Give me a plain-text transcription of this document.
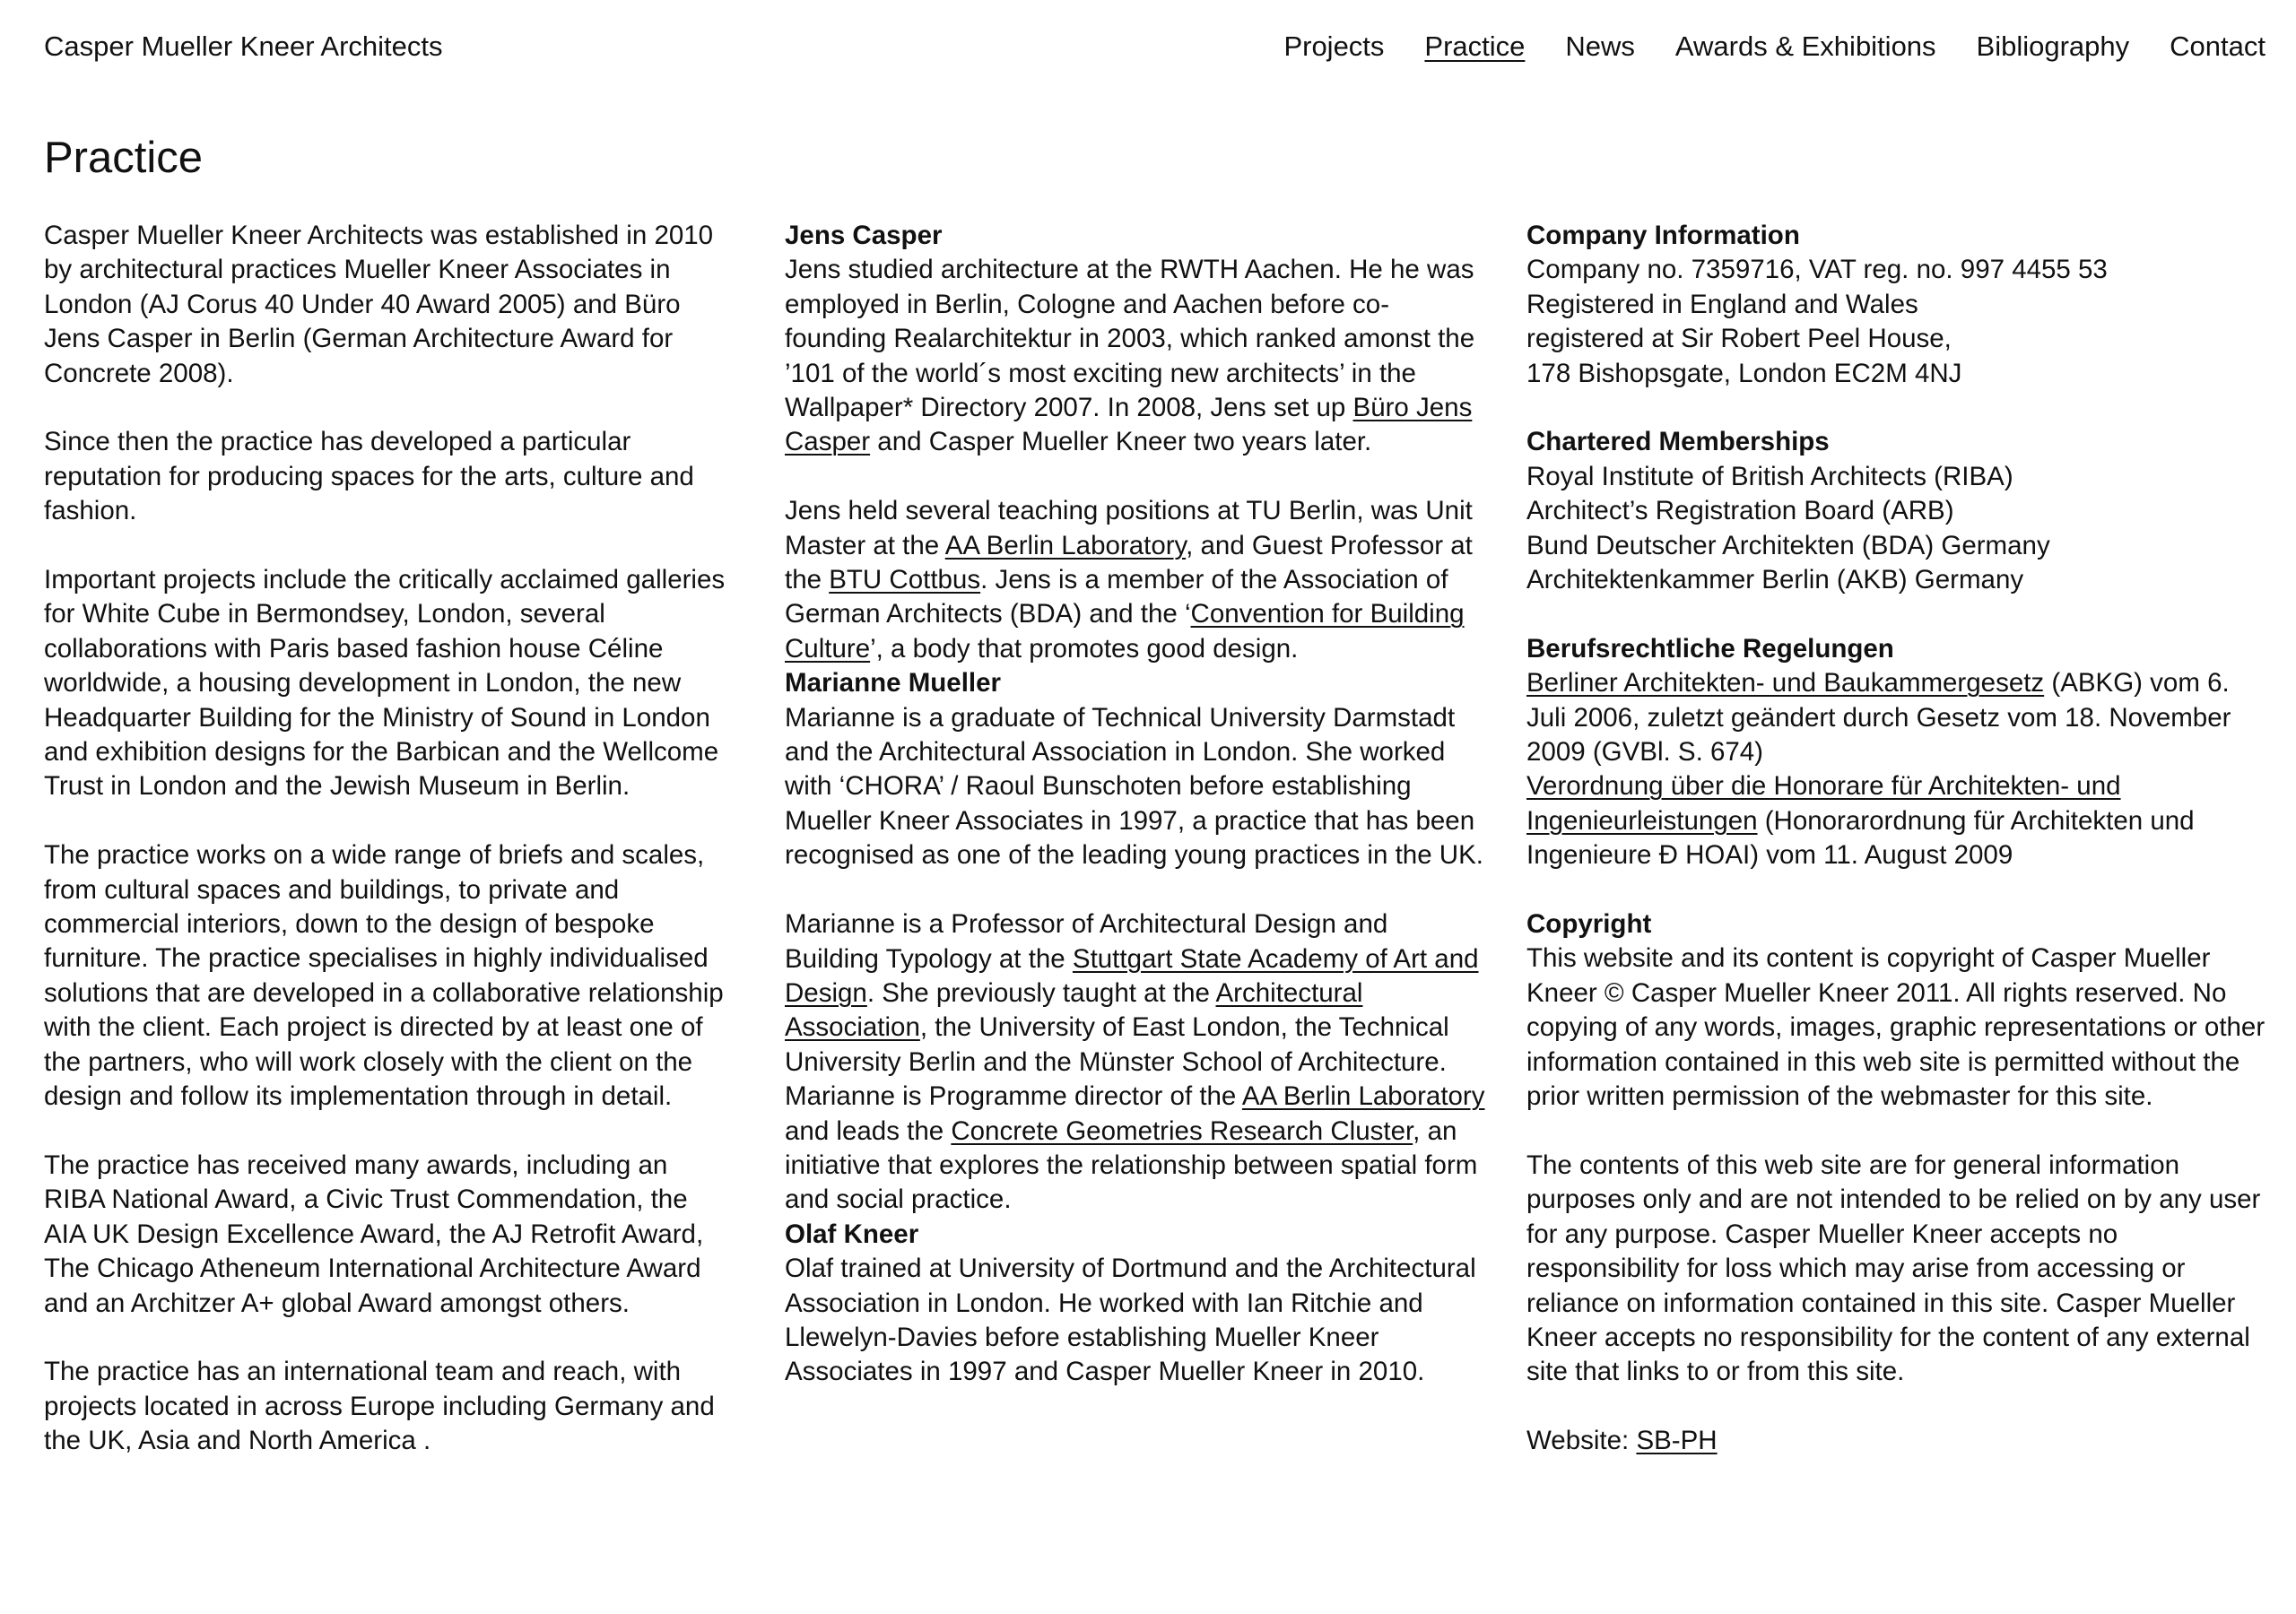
Casper Mueller Kneer Architects	Projects Practice News Awards & Exhibitions Bibliography Contact
Practice

Casper Mueller Kneer Architects was established in 2010 by architectural practices Mueller Kneer Associates in London (AJ Corus 40 Under 40 Award 2005) and Büro Jens Casper in Berlin (German Architecture Award for Concrete 2008).

Since then the practice has developed a particular reputation for producing spaces for the arts, culture and fashion.

Important projects include the critically acclaimed galleries for White Cube in Bermondsey, London, several collaborations with Paris based fashion house Céline worldwide, a housing development in London, the new Headquarter Building for the Ministry of Sound in London and exhibition designs for the Barbican and the Wellcome Trust in London and the Jewish Museum in Berlin.

The practice works on a wide range of briefs and scales, from cultural spaces and buildings, to private and commercial interiors, down to the design of bespoke furniture. The practice specialises in highly individualised solutions that are developed in a collaborative relationship with the client. Each project is directed by at least one of the partners, who will work closely with the client on the design and follow its implementation through in detail.

The practice has received many awards, including an RIBA National Award, a Civic Trust Commendation, the AIA UK Design Excellence Award, the AJ Retrofit Award, The Chicago Atheneum International Architecture Award and an Architzer A+ global Award amongst others.

The practice has an international team and reach, with projects located in across Europe including Germany and the UK, Asia and North America .

Jens Casper

Jens studied architecture at the RWTH Aachen. He he was employed in Berlin, Cologne and Aachen before co-founding Realarchitektur in 2003, which ranked amonst the ’101 of the world´s most exciting new architects’ in the Wallpaper* Directory 2007. In 2008, Jens set up Büro Jens Casper and Casper Mueller Kneer two years later.

Jens held several teaching positions at TU Berlin, was Unit Master at the AA Berlin Laboratory, and Guest Professor at the BTU Cottbus. Jens is a member of the Association of German Architects (BDA) and the ‘Convention for Building Culture’, a body that promotes good design.

Marianne Mueller

Marianne is a graduate of Technical University Darmstadt and the Architectural Association in London. She worked with ‘CHORA’ / Raoul Bunschoten before establishing Mueller Kneer Associates in 1997, a practice that has been recognised as one of the leading young practices in the UK.

Marianne is a Professor of Architectural Design and Building Typology at the Stuttgart State Academy of Art and Design. She previously taught at the Architectural Association, the University of East London, the Technical University Berlin and the Münster School of Architecture. Marianne is Programme director of the AA Berlin Laboratory and leads the Concrete Geometries Research Cluster, an initiative that explores the relationship between spatial form and social practice.

Olaf Kneer

Olaf trained at University of Dortmund and the Architectural Association in London. He worked with Ian Ritchie and Llewelyn-Davies before establishing Mueller Kneer Associates in 1997 and Casper Mueller Kneer in 2010.

Company Information
Company no. 7359716, VAT reg. no. 997 4455 53
Registered in England and Wales
registered at Sir Robert Peel House, 178 Bishopsgate, London EC2M 4NJ
Chartered Memberships
Royal Institute of British Architects (RIBA)
Architect’s Registration Board (ARB)
Bund Deutscher Architekten (BDA) Germany
Architektenkammer Berlin (AKB) Germany
Berufsrechtliche Regelungen
Berliner Architekten- und Baukammergesetz (ABKG) vom 6. Juli 2006, zuletzt geändert durch Gesetz vom 18. November 2009 (GVBl. S. 674)
Verordnung über die Honorare für Architekten- und Ingenieurleistungen (Honorarordnung für Architekten und Ingenieure Ð HOAI) vom 11. August 2009
Copyright

This website and its content is copyright of Casper Mueller Kneer © Casper Mueller Kneer 2011. All rights reserved. No copying of any words, images, graphic representations or other information contained in this web site is permitted without the prior written permission of the webmaster for this site.

The contents of this web site are for general information purposes only and are not intended to be relied on by any user for any purpose. Casper Mueller Kneer accepts no responsibility for loss which may arise from accessing or reliance on information contained in this site. Casper Mueller Kneer accepts no responsibility for the content of any external site that links to or from this site.

Website: SB-PH
